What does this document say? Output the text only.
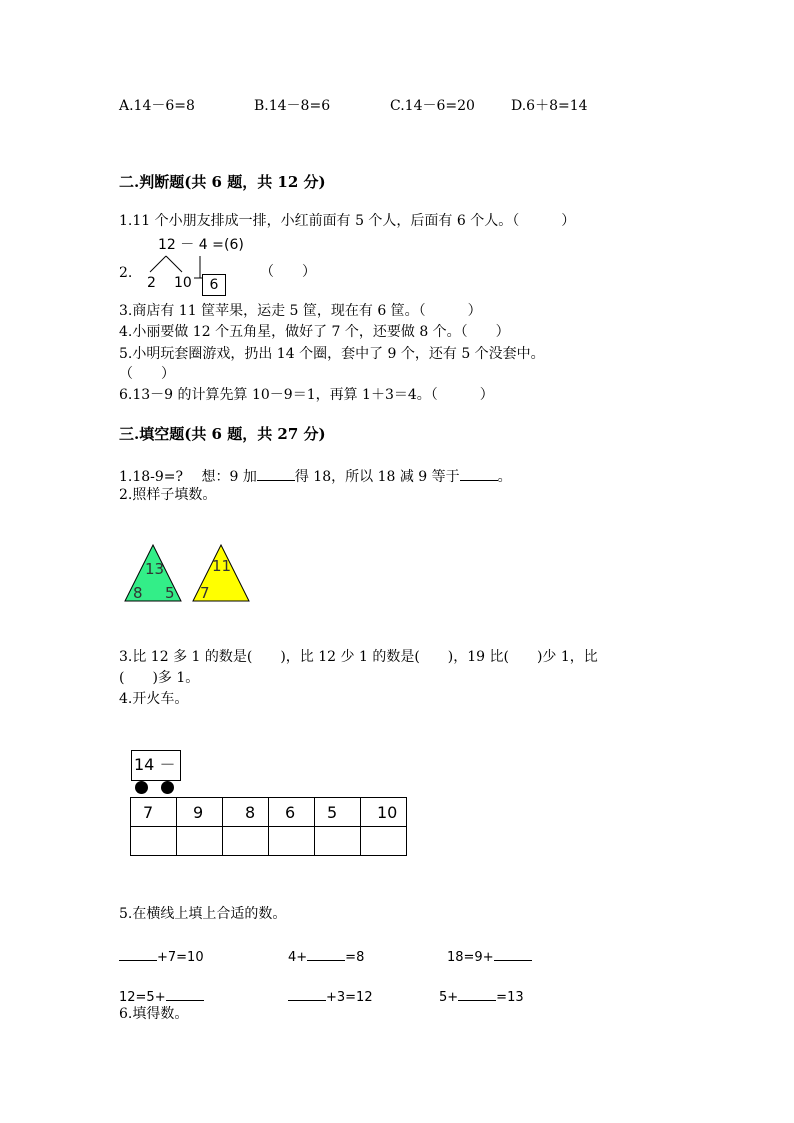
A.14－6=8	B.14－8=6	C.14－6=20	D.6＋8=14
二.判断题(共 6 题，共 12 分)
1.11 个小朋友排成一排，小红前面有 5 个人，后面有 6 个人。（　　　）
12 － 4 = (6)
2.
2 10	6
（　　）
3.商店有 11 筐苹果，运走 5 筐，现在有 6 筐。（　　　）
4.小丽要做 12 个五角星，做好了 7 个，还要做 8 个。（　　）
5.小明玩套圈游戏，扔出 14 个圈，套中了 9 个，还有 5 个没套中。
（　　）
6.13－9 的计算先算 10－9＝1，再算 1＋3＝4。（　　　）
三.填空题(共 6 题，共 27 分)
1.18-9=?　 想：9 加	得 18，所以 18 减 9 等于	。
2.照样子填数。
13
8 5
11
7
3.比 12 多 1 的数是(　　)，比 12 少 1 的数是(　　)，19 比(　　)少 1，比
(　　)多 1。
4.开火车。
14 －
7	9	8	6	5	10

5.在横线上填上合适的数。
+7=10	4+	=8	18=9+
12=5+	+3=12	5+	=13
6.填得数。
